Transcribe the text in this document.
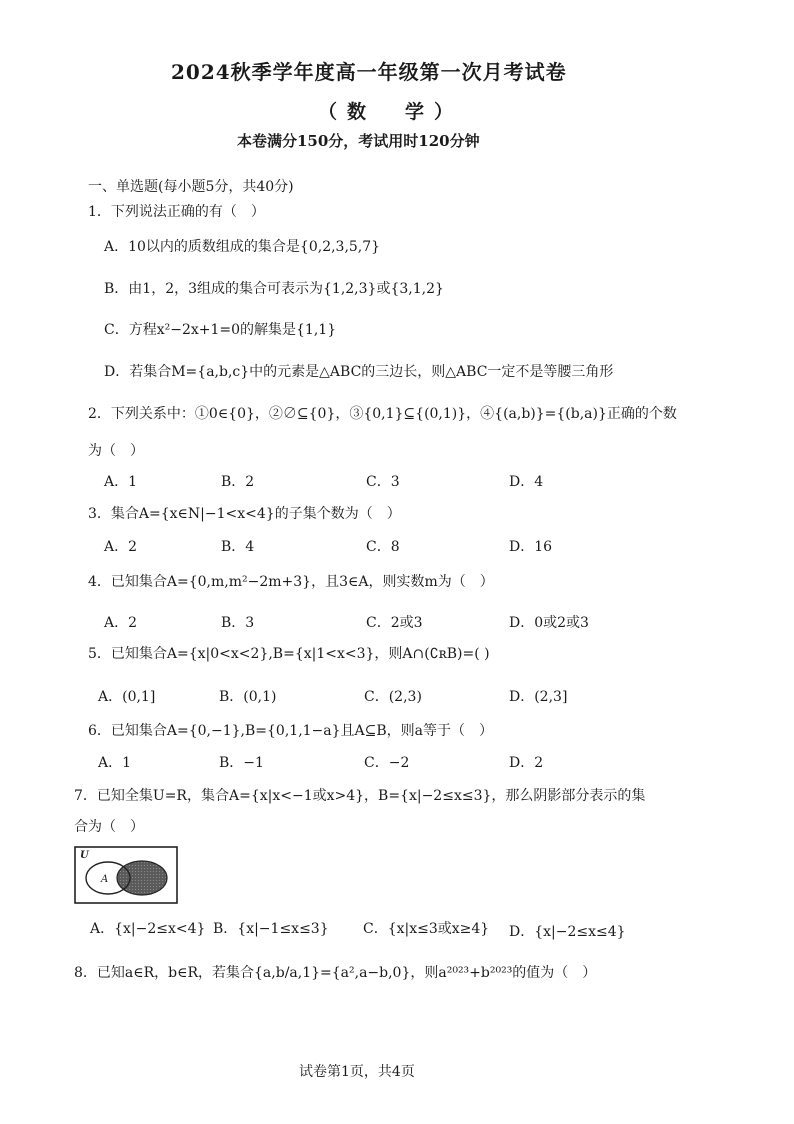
2024秋季学年度高一年级第一次月考试卷
（数　学）
本卷满分150分，考试用时120分钟
一、单选题(每小题5分，共40分)
1．下列说法正确的有（　）
A．10以内的质数组成的集合是{0,2,3,5,7}
B．由1，2，3组成的集合可表示为{1,2,3}或{3,1,2}
C．方程x²−2x+1=0的解集是{1,1}
D．若集合M={a,b,c}中的元素是△ABC的三边长，则△ABC一定不是等腰三角形
2．下列关系中：①0∈{0}，②∅⊆{0}，③{0,1}⊆{(0,1)}，④{(a,b)}={(b,a)}正确的个数
为（　）
A．1	B．2	C．3	D．4
3．集合A={x∈N|−1<x<4}的子集个数为（　）
A．2	B．4	C．8	D．16
4．已知集合A={0,m,m²−2m+3}，且3∈A，则实数m为（　）
A．2	B．3	C．2或3	D．0或2或3
5．已知集合A={x|0<x<2},B={x|1<x<3}，则A∩(∁ʀB)=( )
A．(0,1]	B．(0,1)	C．(2,3)	D．(2,3]
6．已知集合A={0,−1},B={0,1,1−a}且A⊆B，则a等于（　）
A．1	B．−1	C．−2	D．2
7．已知全集U=R，集合A={x|x<−1或x>4}，B={x|−2≤x≤3}，那么阴影部分表示的集
合为（　）
U
A
A．{x|−2≤x<4} B．{x|−1≤x≤3} C．{x|x≤3或x≥4} D．{x|−2≤x≤4}
8．已知a∈R，b∈R，若集合{a,b/a,1}={a²,a−b,0}，则a²⁰²³+b²⁰²³的值为（　）
试卷第1页，共4页
